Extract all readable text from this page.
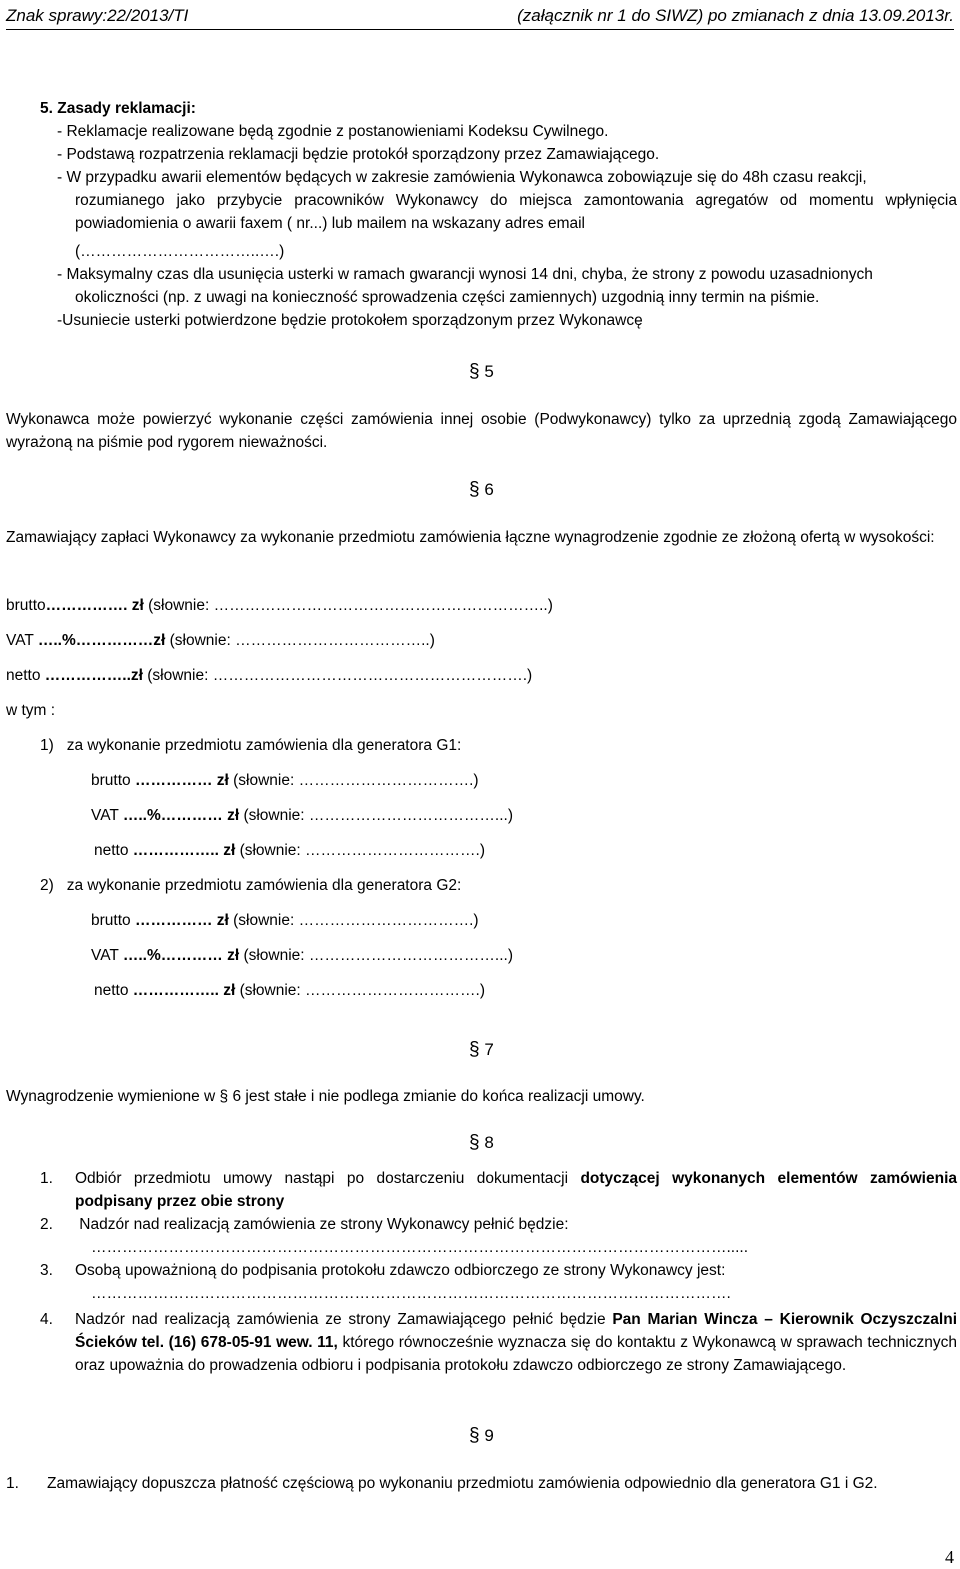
Znak sprawy:22/2013/TI	(załącznik nr 1 do SIWZ) po zmianach z dnia 13.09.2013r.
5. Zasady reklamacji:
- Reklamacje realizowane będą zgodnie z postanowieniami Kodeksu Cywilnego.
- Podstawą rozpatrzenia reklamacji będzie protokół sporządzony przez Zamawiającego.
- W przypadku awarii elementów będących w zakresie zamówienia Wykonawca zobowiązuje się do 48h czasu reakcji,
rozumianego jako przybycie pracowników Wykonawcy do miejsca zamontowania agregatów od momentu wpłynięcia powiadomienia o awarii faxem ( nr...) lub mailem na wskazany adres email
(……………………………..….)
- Maksymalny czas dla usunięcia usterki w ramach gwarancji wynosi 14 dni, chyba, że strony z powodu uzasadnionych
okoliczności (np. z uwagi na konieczność sprowadzenia części zamiennych) uzgodnią inny termin na piśmie.
-Usuniecie usterki potwierdzone będzie protokołem sporządzonym przez Wykonawcę
§ 5
Wykonawca może powierzyć wykonanie części zamówienia innej osobie (Podwykonawcy) tylko za uprzednią zgodą Zamawiającego wyrażoną na piśmie pod rygorem nieważności.
§ 6
Zamawiający zapłaci Wykonawcy za wykonanie przedmiotu zamówienia łączne wynagrodzenie zgodnie ze złożoną ofertą w wysokości:
brutto……………. zł (słownie: ………………………………………………………..)
VAT …..%……………zł (słownie: ………………………………..)
netto ……………..zł (słownie: …………………………………………………….)
w tym :
1)   za wykonanie przedmiotu zamówienia dla generatora G1:
brutto …………… zł (słownie: …………………………….)
VAT …..%………… zł (słownie: ………………………………...)
netto …………….. zł (słownie: …………………………….)
2)   za wykonanie przedmiotu zamówienia dla generatora G2:
brutto …………… zł (słownie: …………………………….)
VAT …..%………… zł (słownie: ………………………………...)
netto …………….. zł (słownie: …………………………….)
§ 7
Wynagrodzenie wymienione w § 6 jest stałe i nie podlega zmianie do końca realizacji umowy.
§ 8
1. Odbiór przedmiotu umowy nastąpi po dostarczeniu dokumentacji dotyczącej wykonanych elementów zamówienia podpisany przez obie strony
2. Nadzór nad realizacją zamówienia ze strony Wykonawcy pełnić będzie:
…………………………………………………………………………………………………………….....
3. Osobą upoważnioną do podpisania protokołu zdawczo odbiorczego ze strony Wykonawcy jest:
…………………………………………………………………………………………………………….
4. Nadzór nad realizacją zamówienia ze strony Zamawiającego pełnić będzie Pan Marian Wincza – Kierownik Oczyszczalni Ścieków tel. (16) 678-05-91 wew. 11, którego równocześnie wyznacza się do kontaktu z Wykonawcą w sprawach technicznych oraz upoważnia do prowadzenia odbioru i podpisania protokołu zdawczo odbiorczego ze strony Zamawiającego.
§ 9
1. Zamawiający dopuszcza płatność częściową po wykonaniu przedmiotu zamówienia odpowiednio dla generatora G1 i G2.
4
